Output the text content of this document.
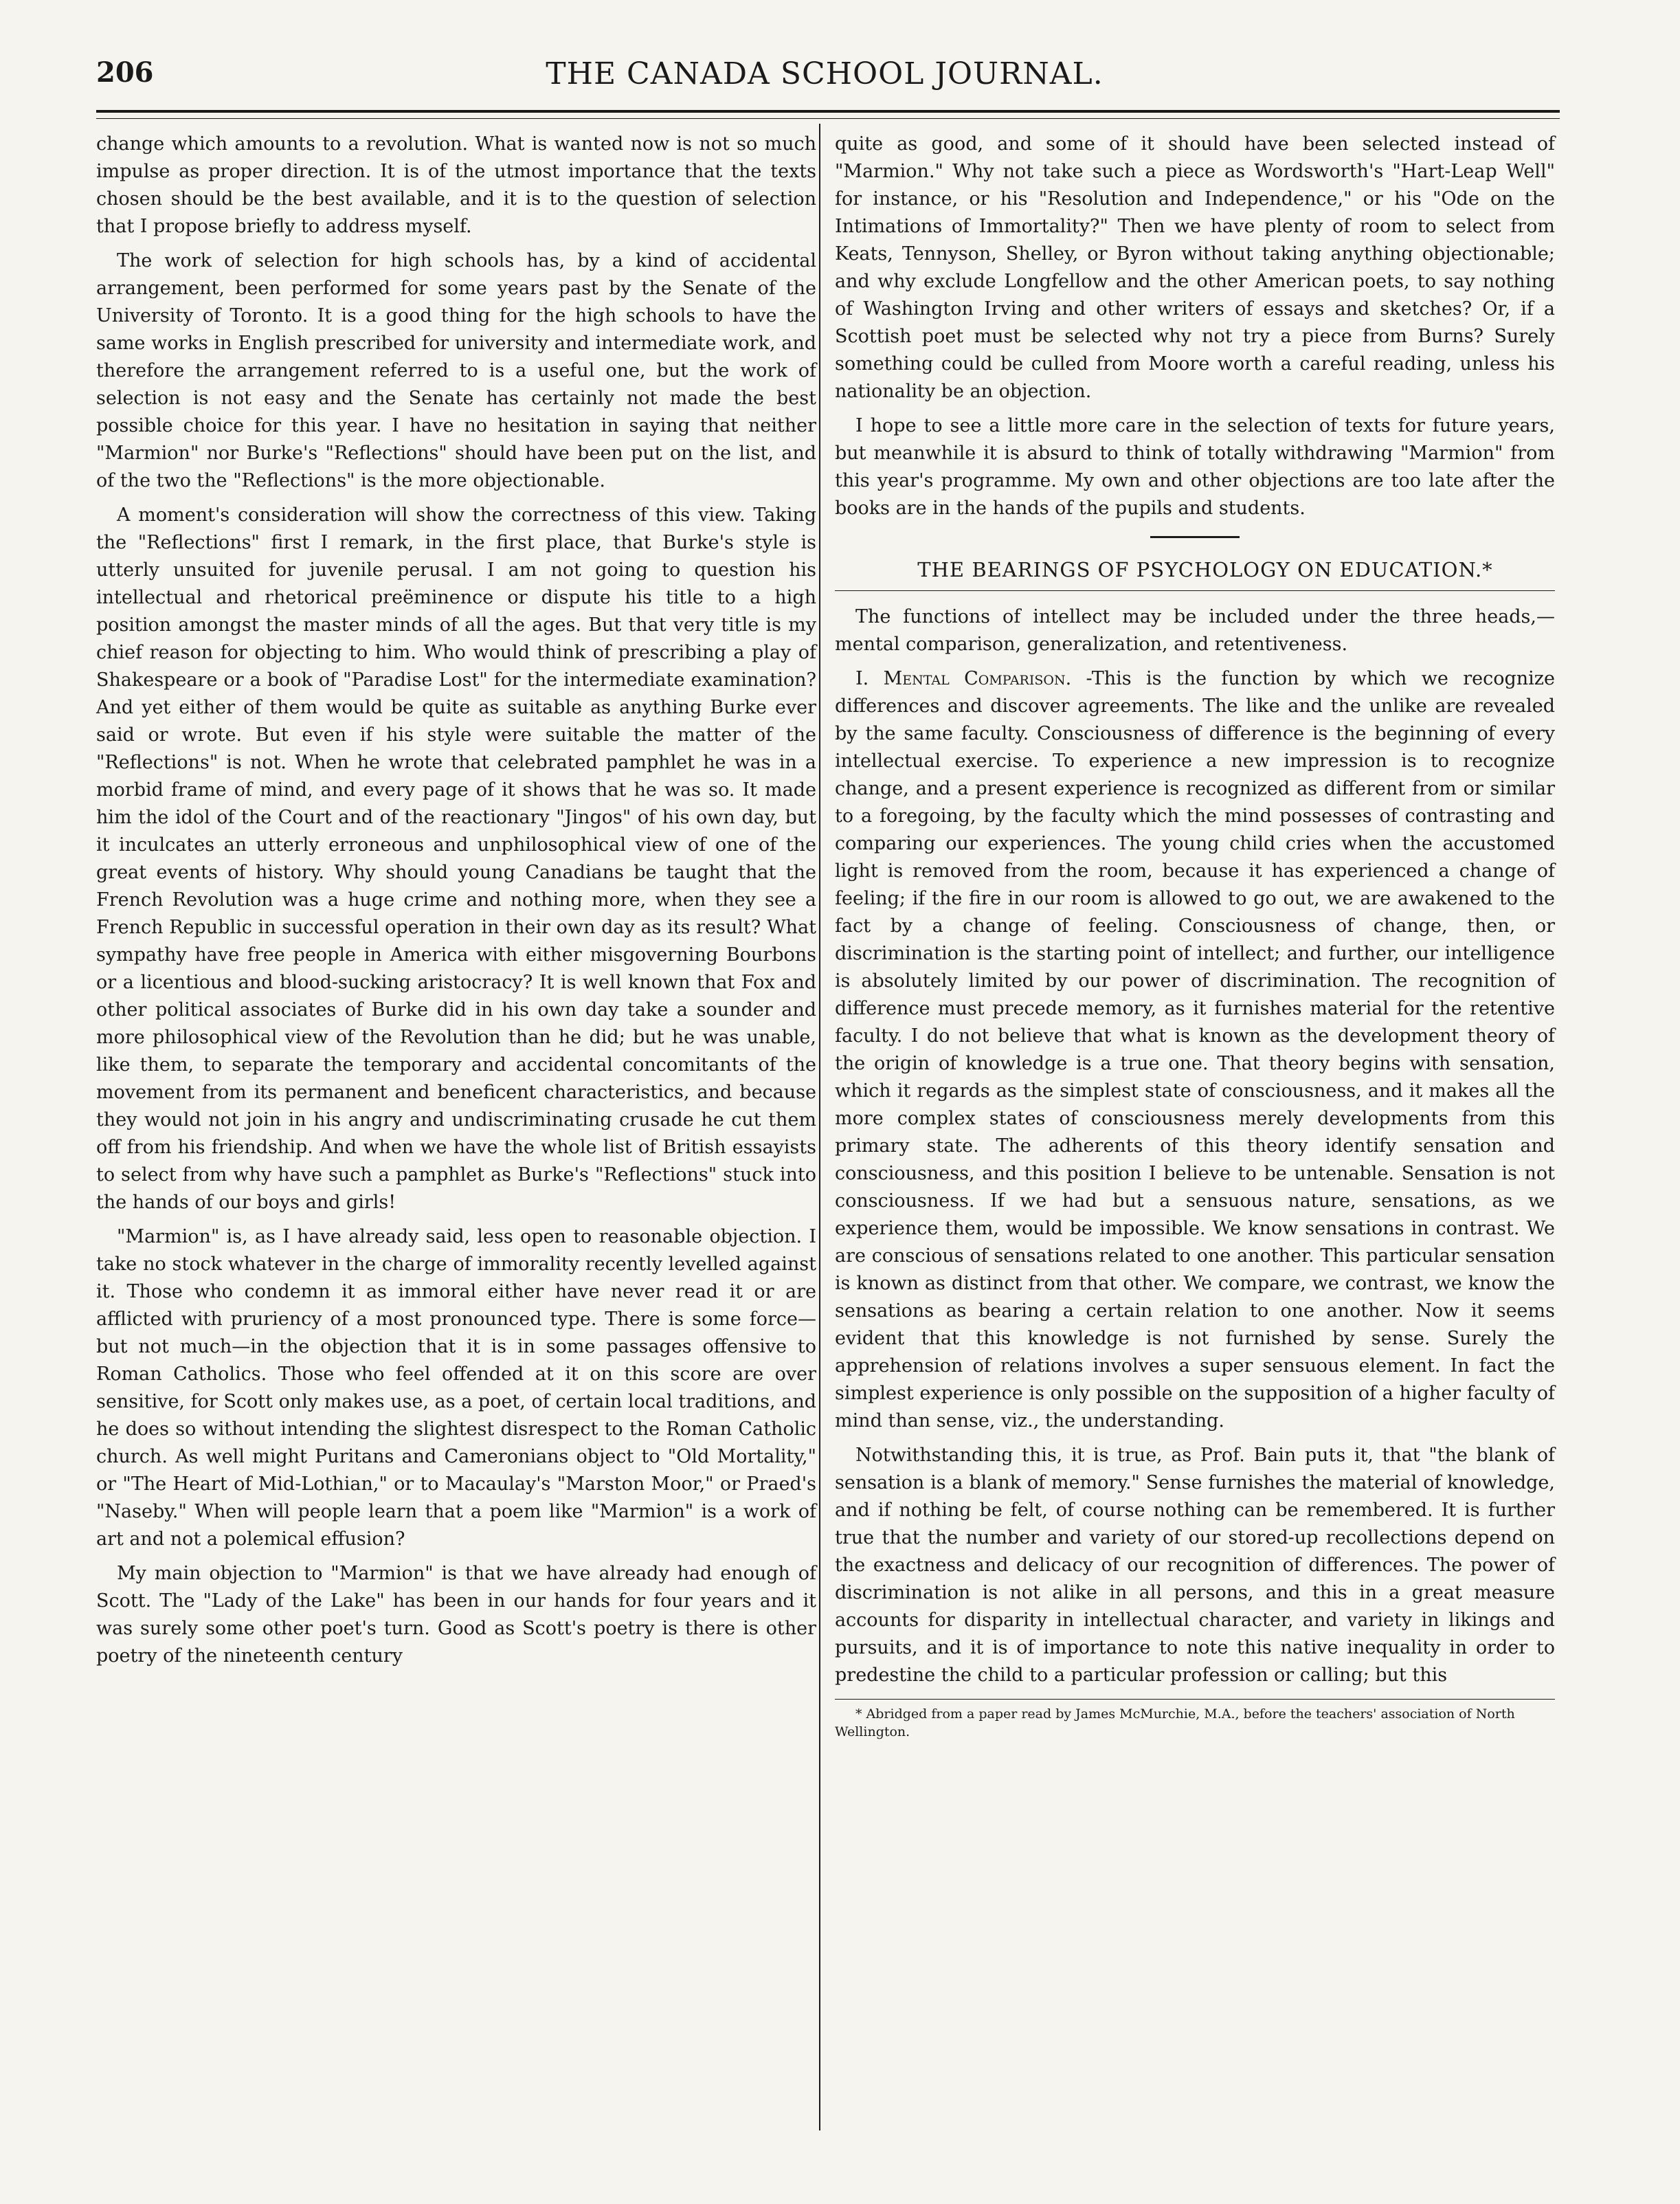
206	THE CANADA SCHOOL JOURNAL.

change which amounts to a revolution. What is wanted now is not so much impulse as proper direction. It is of the utmost importance that the texts chosen should be the best available, and it is to the question of selection that I propose briefly to address myself.

The work of selection for high schools has, by a kind of accidental arrangement, been performed for some years past by the Senate of the University of Toronto. It is a good thing for the high schools to have the same works in English prescribed for university and intermediate work, and therefore the arrangement referred to is a useful one, but the work of selection is not easy and the Senate has certainly not made the best possible choice for this year. I have no hesitation in saying that neither "Marmion" nor Burke's "Reflections" should have been put on the list, and of the two the "Reflections" is the more objectionable.

A moment's consideration will show the correctness of this view. Taking the "Reflections" first I remark, in the first place, that Burke's style is utterly unsuited for juvenile perusal. I am not going to question his intellectual and rhetorical preëminence or dispute his title to a high position amongst the master minds of all the ages. But that very title is my chief reason for objecting to him. Who would think of prescribing a play of Shakespeare or a book of "Paradise Lost" for the intermediate examination? And yet either of them would be quite as suitable as anything Burke ever said or wrote. But even if his style were suitable the matter of the "Reflections" is not. When he wrote that celebrated pamphlet he was in a morbid frame of mind, and every page of it shows that he was so. It made him the idol of the Court and of the reactionary "Jingos" of his own day, but it inculcates an utterly erroneous and unphilosophical view of one of the great events of history. Why should young Canadians be taught that the French Revolution was a huge crime and nothing more, when they see a French Republic in successful operation in their own day as its result? What sympathy have free people in America with either misgoverning Bourbons or a licentious and blood-sucking aristocracy? It is well known that Fox and other political associates of Burke did in his own day take a sounder and more philosophical view of the Revolution than he did; but he was unable, like them, to separate the temporary and accidental concomitants of the movement from its permanent and beneficent characteristics, and because they would not join in his angry and undiscriminating crusade he cut them off from his friendship. And when we have the whole list of British essayists to select from why have such a pamphlet as Burke's "Reflections" stuck into the hands of our boys and girls!

"Marmion" is, as I have already said, less open to reasonable objection. I take no stock whatever in the charge of immorality recently levelled against it. Those who condemn it as immoral either have never read it or are afflicted with pruriency of a most pronounced type. There is some force—but not much—in the objection that it is in some passages offensive to Roman Catholics. Those who feel offended at it on this score are over sensitive, for Scott only makes use, as a poet, of certain local traditions, and he does so without intending the slightest disrespect to the Roman Catholic church. As well might Puritans and Cameronians object to "Old Mortality," or "The Heart of Mid-Lothian," or to Macaulay's "Marston Moor," or Praed's "Naseby." When will people learn that a poem like "Marmion" is a work of art and not a polemical effusion?

My main objection to "Marmion" is that we have already had enough of Scott. The "Lady of the Lake" has been in our hands for four years and it was surely some other poet's turn. Good as Scott's poetry is there is other poetry of the nineteenth century

quite as good, and some of it should have been selected instead of "Marmion." Why not take such a piece as Wordsworth's "Hart-Leap Well" for instance, or his "Resolution and Independence," or his "Ode on the Intimations of Immortality?" Then we have plenty of room to select from Keats, Tennyson, Shelley, or Byron without taking anything objectionable; and why exclude Longfellow and the other American poets, to say nothing of Washington Irving and other writers of essays and sketches? Or, if a Scottish poet must be selected why not try a piece from Burns? Surely something could be culled from Moore worth a careful reading, unless his nationality be an objection.

I hope to see a little more care in the selection of texts for future years, but meanwhile it is absurd to think of totally withdrawing "Marmion" from this year's programme. My own and other objections are too late after the books are in the hands of the pupils and students.

THE BEARINGS OF PSYCHOLOGY ON EDUCATION.*

The functions of intellect may be included under the three heads,—mental comparison, generalization, and retentiveness.

I. Mental Comparison. -This is the function by which we recognize differences and discover agreements. The like and the unlike are revealed by the same faculty. Consciousness of difference is the beginning of every intellectual exercise. To experience a new impression is to recognize change, and a present experience is recognized as different from or similar to a foregoing, by the faculty which the mind possesses of contrasting and comparing our experiences. The young child cries when the accustomed light is removed from the room, because it has experienced a change of feeling; if the fire in our room is allowed to go out, we are awakened to the fact by a change of feeling. Consciousness of change, then, or discrimination is the starting point of intellect; and further, our intelligence is absolutely limited by our power of discrimination. The recognition of difference must precede memory, as it furnishes material for the retentive faculty. I do not believe that what is known as the development theory of the origin of knowledge is a true one. That theory begins with sensation, which it regards as the simplest state of consciousness, and it makes all the more complex states of consciousness merely developments from this primary state. The adherents of this theory identify sensation and consciousness, and this position I believe to be untenable. Sensation is not consciousness. If we had but a sensuous nature, sensations, as we experience them, would be impossible. We know sensations in contrast. We are conscious of sensations related to one another. This particular sensation is known as distinct from that other. We compare, we contrast, we know the sensations as bearing a certain relation to one another. Now it seems evident that this knowledge is not furnished by sense. Surely the apprehension of relations involves a super sensuous element. In fact the simplest experience is only possible on the supposition of a higher faculty of mind than sense, viz., the understanding.

Notwithstanding this, it is true, as Prof. Bain puts it, that "the blank of sensation is a blank of memory." Sense furnishes the material of knowledge, and if nothing be felt, of course nothing can be remembered. It is further true that the number and variety of our stored-up recollections depend on the exactness and delicacy of our recognition of differences. The power of discrimination is not alike in all persons, and this in a great measure accounts for disparity in intellectual character, and variety in likings and pursuits, and it is of importance to note this native inequality in order to predestine the child to a particular profession or calling; but this

* Abridged from a paper read by James McMurchie, M.A., before the teachers' association of North Wellington.
